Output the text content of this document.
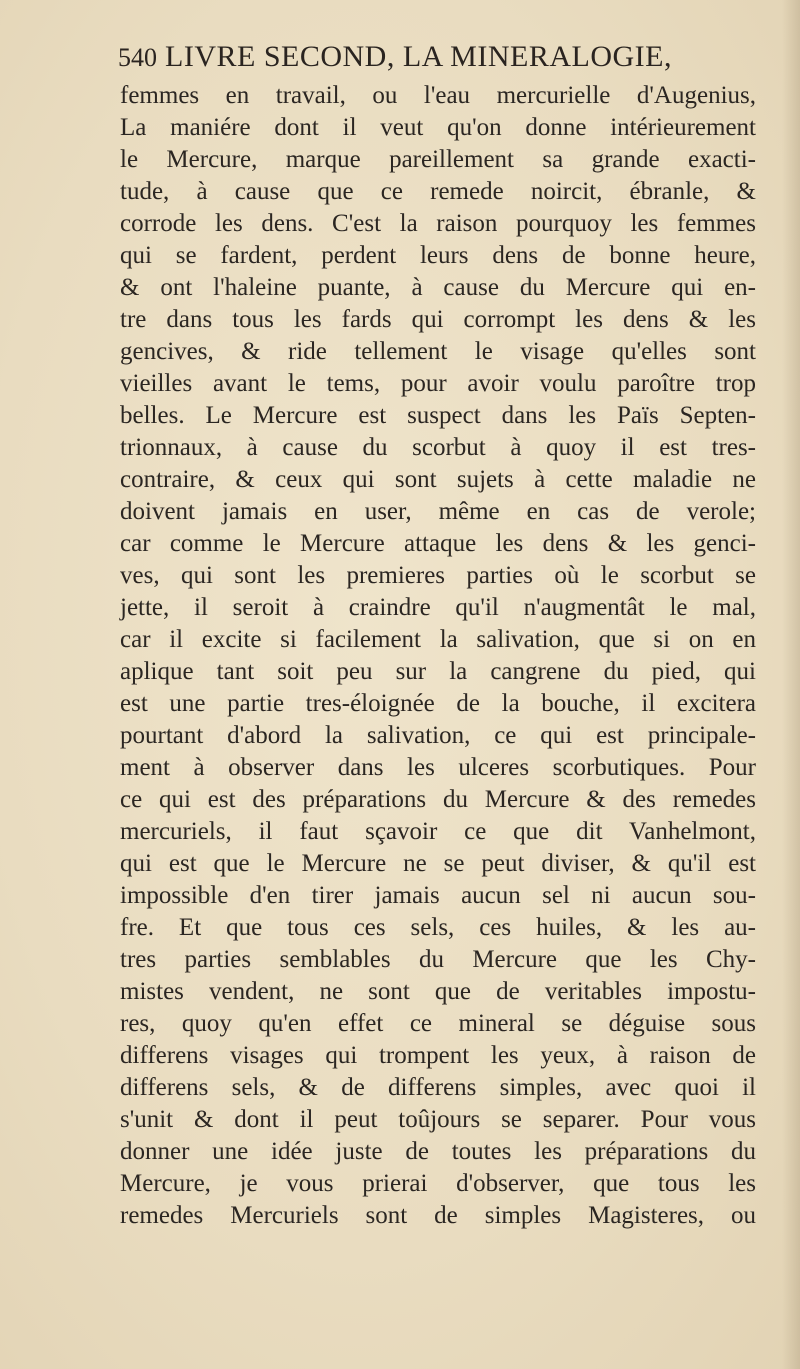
540 LIVRE SECOND, LA MINERALOGIE,
femmes en travail, ou l'eau mercurielle d'Augenius,
La maniére dont il veut qu'on donne intérieurement
le Mercure, marque pareillement sa grande exacti-
tude, à cause que ce remede noircit, ébranle, &
corrode les dens. C'est la raison pourquoy les femmes
qui se fardent, perdent leurs dens de bonne heure,
& ont l'haleine puante, à cause du Mercure qui en-
tre dans tous les fards qui corrompt les dens & les
gencives, & ride tellement le visage qu'elles sont
vieilles avant le tems, pour avoir voulu paroître trop
belles. Le Mercure est suspect dans les Païs Septen-
trionnaux, à cause du scorbut à quoy il est tres-
contraire, & ceux qui sont sujets à cette maladie ne
doivent jamais en user, même en cas de verole;
car comme le Mercure attaque les dens & les genci-
ves, qui sont les premieres parties où le scorbut se
jette, il seroit à craindre qu'il n'augmentât le mal,
car il excite si facilement la salivation, que si on en
aplique tant soit peu sur la cangrene du pied, qui
est une partie tres-éloignée de la bouche, il excitera
pourtant d'abord la salivation, ce qui est principale-
ment à observer dans les ulceres scorbutiques. Pour
ce qui est des préparations du Mercure & des remedes
mercuriels, il faut sçavoir ce que dit Vanhelmont,
qui est que le Mercure ne se peut diviser, & qu'il est
impossible d'en tirer jamais aucun sel ni aucun sou-
fre. Et que tous ces sels, ces huiles, & les au-
tres parties semblables du Mercure que les Chy-
mistes vendent, ne sont que de veritables impostu-
res, quoy qu'en effet ce mineral se déguise sous
differens visages qui trompent les yeux, à raison de
differens sels, & de differens simples, avec quoi il
s'unit & dont il peut toûjours se separer. Pour vous
donner une idée juste de toutes les préparations du
Mercure, je vous prierai d'observer, que tous les
remedes Mercuriels sont de simples Magisteres, ou
